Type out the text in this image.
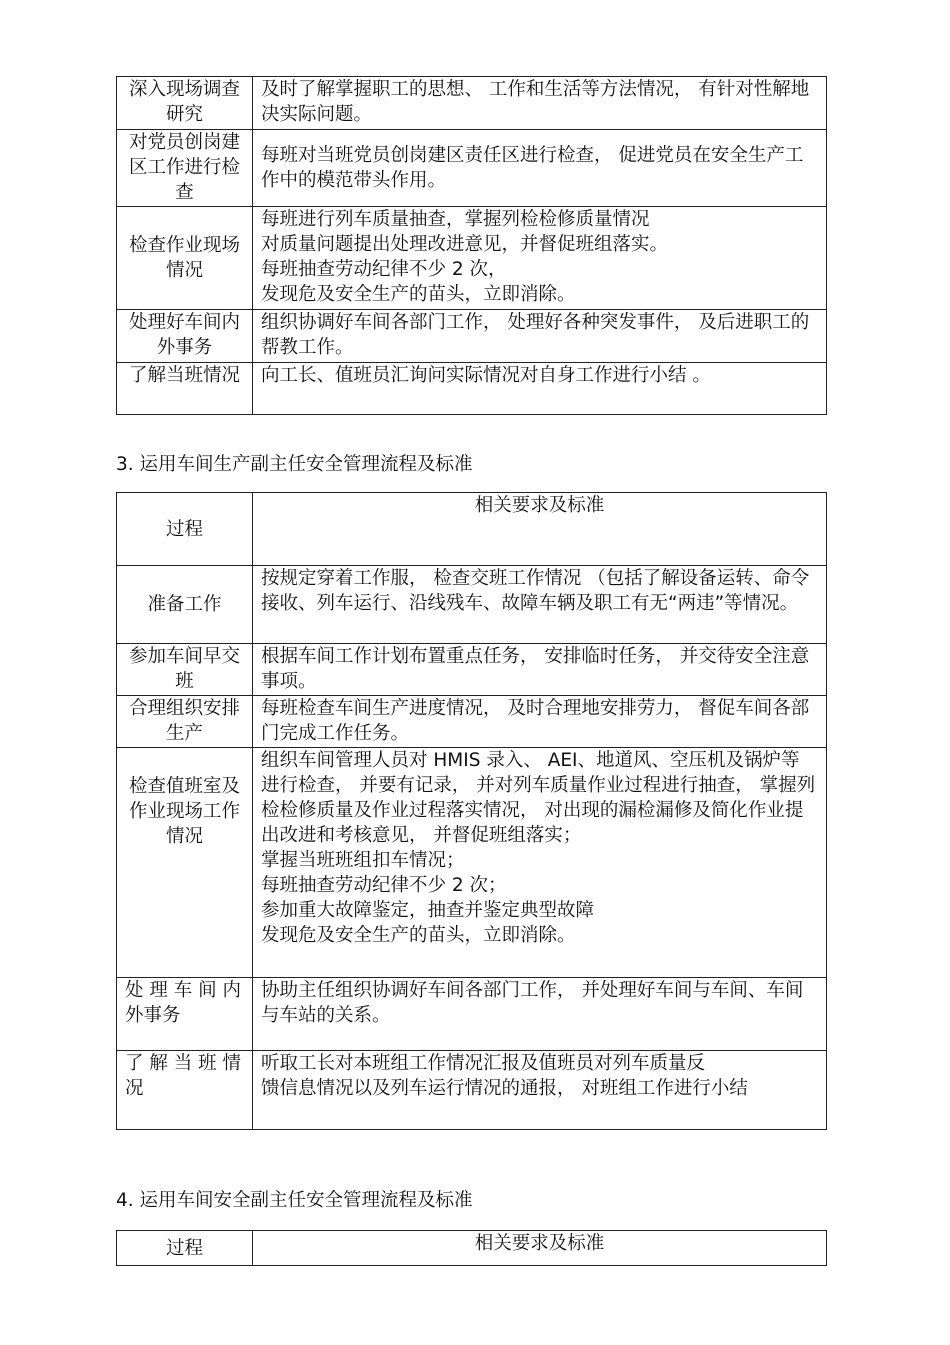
深入现场调查研究	及时了解掌握职工的思想、 工作和生活等方法情况， 有针对性解地决实际问题。

对党员创岗建区工作进行检查	每班对当班党员创岗建区责任区进行检查， 促进党员在安全生产工作中的模范带头作用。

检查作业现场情况	每班进行列车质量抽查，掌握列检检修质量情况
对质量问题提出处理改进意见，并督促班组落实。
每班抽查劳动纪律不少 2 次，
发现危及安全生产的苗头，立即消除。

处理好车间内外事务	组织协调好车间各部门工作， 处理好各种突发事件， 及后进职工的帮教工作。

了解当班情况	向工长、值班员汇询问实际情况对自身工作进行小结 。
3. 运用车间生产副主任安全管理流程及标准
过程	相关要求及标准
准备工作	按规定穿着工作服， 检查交班工作情况 （包括了解设备运转、命令接收、列车运行、沿线残车、故障车辆及职工有无“两违”等情况。

参加车间早交班	根据车间工作计划布置重点任务， 安排临时任务， 并交待安全注意事项。

合理组织安排生产	每班检查车间生产进度情况， 及时合理地安排劳力， 督促车间各部门完成工作任务。

检查值班室及作业现场工作情况	组织车间管理人员对 HMIS 录入、 AEI、地道风、空压机及锅炉等进行检查， 并要有记录， 并对列车质量作业过程进行抽查， 掌握列检检修质量及作业过程落实情况， 对出现的漏检漏修及简化作业提出改进和考核意见， 并督促班组落实；
掌握当班班组扣车情况；
每班抽查劳动纪律不少 2 次；
参加重大故障鉴定，抽查并鉴定典型故障
发现危及安全生产的苗头，立即消除。

处 理 车 间 内 外事务	协助主任组织协调好车间各部门工作， 并处理好车间与车间、车间与车站的关系。

了 解 当 班 情 况	听取工长对本班组工作情况汇报及值班员对列车质量反
馈信息情况以及列车运行情况的通报， 对班组工作进行小结
4. 运用车间安全副主任安全管理流程及标准
过程	相关要求及标准
